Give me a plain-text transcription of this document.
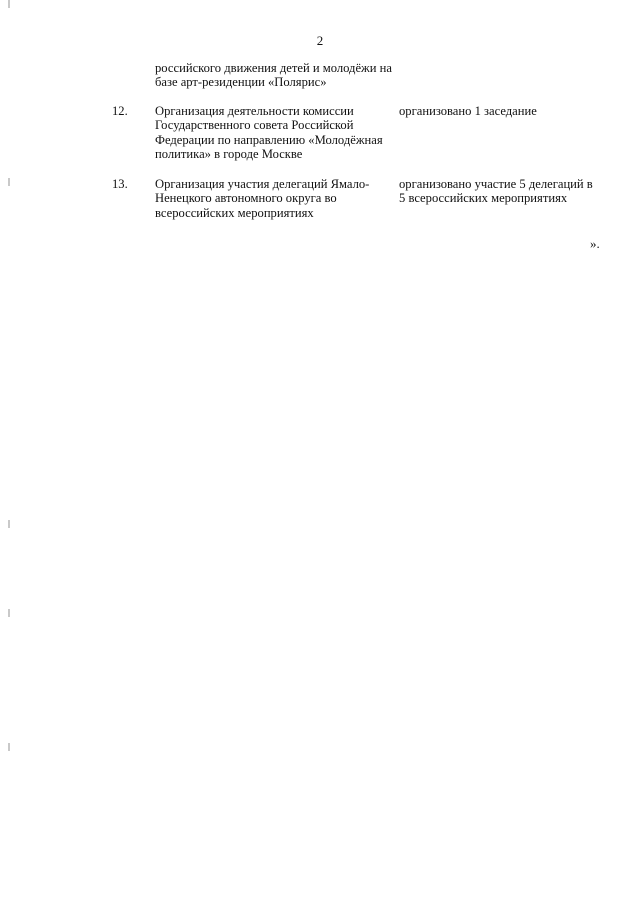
2
российского движения детей и молодёжи на базе арт-резиденции «Полярис»
12.	Организация деятельности комиссии Государственного совета Российской Федерации по направлению «Молодёжная политика» в городе Москве
организовано 1 заседание
13.	Организация участия делегаций Ямало-Ненецкого автономного округа во всероссийских мероприятиях
организовано участие 5 делегаций в 5 всероссийских мероприятиях
».
